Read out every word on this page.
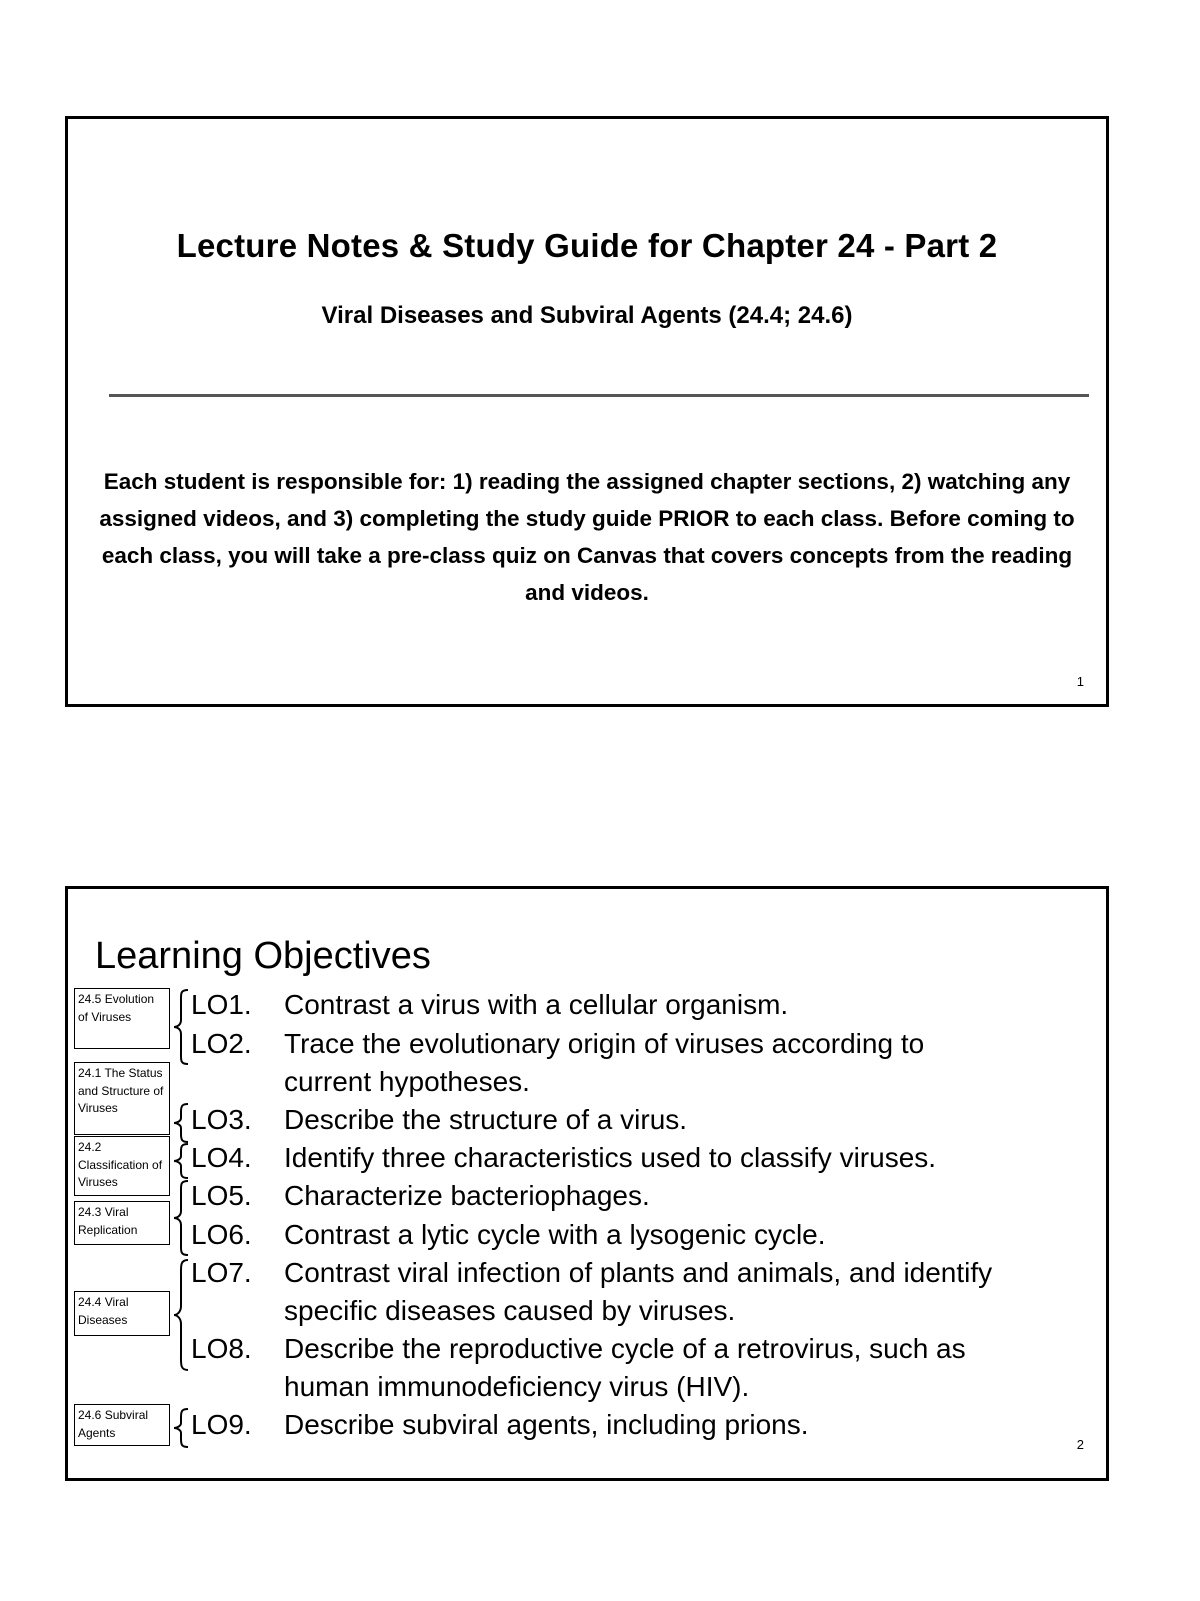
Lecture Notes & Study Guide for Chapter 24 - Part 2
Viral Diseases and Subviral Agents (24.4; 24.6)
Each student is responsible for: 1) reading the assigned chapter sections, 2) watching any assigned videos, and 3) completing the study guide PRIOR to each class. Before coming to each class, you will take a pre-class quiz on Canvas that covers concepts from the reading and videos.
1
Learning Objectives
24.5 Evolution of Viruses
24.1 The Status and Structure of Viruses
24.2 Classification of Viruses
24.3 Viral Replication
24.4 Viral Diseases
24.6 Subviral Agents
LO1. Contrast a virus with a cellular organism.
LO2. Trace the evolutionary origin of viruses according to
current hypotheses.
LO3. Describe the structure of a virus.
LO4. Identify three characteristics used to classify viruses.
LO5. Characterize bacteriophages.
LO6. Contrast a lytic cycle with a lysogenic cycle.
LO7. Contrast viral infection of plants and animals, and identify
specific diseases caused by viruses.
LO8. Describe the reproductive cycle of a retrovirus, such as
human immunodeficiency virus (HIV).
LO9. Describe subviral agents, including prions.
2
